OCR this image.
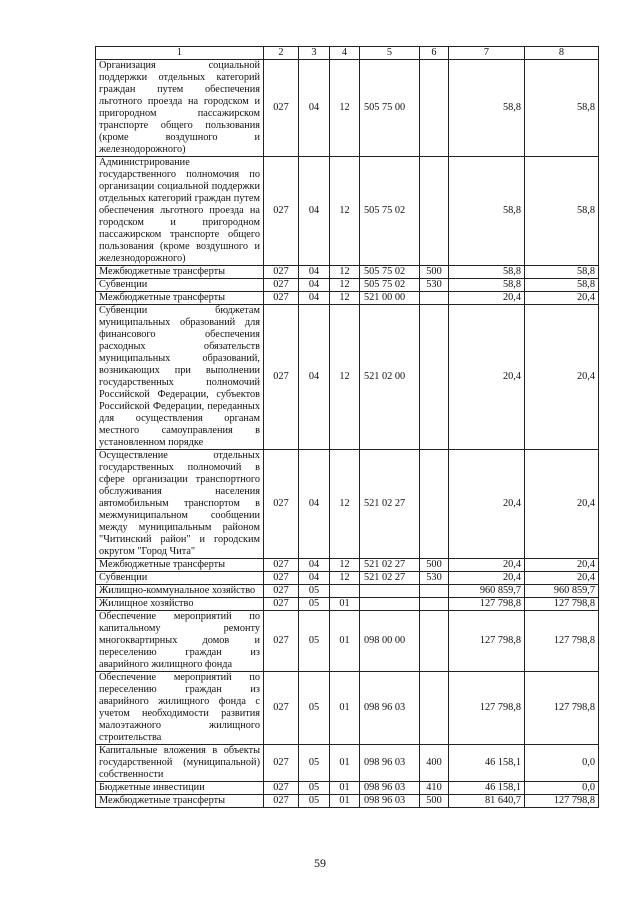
1	2	3	4	5	6	7	8
Организация социальной поддержки отдельных категорий граждан путем обеспечения льготного проезда на городском и пригородном пассажирском транспорте общего пользования (кроме воздушного и железнодорожного)	027	04	12	505 75 00		58,8	58,8
Администрирование государственного полномочия по организации социальной поддержки отдельных категорий граждан путем обеспечения льготного проезда на городском и пригородном пассажирском транспорте общего пользования (кроме воздушного и железнодорожного)	027	04	12	505 75 02		58,8	58,8
Межбюджетные трансферты	027	04	12	505 75 02	500	58,8	58,8
Субвенции	027	04	12	505 75 02	530	58,8	58,8
Межбюджетные трансферты	027	04	12	521 00 00		20,4	20,4
Субвенции бюджетам муниципальных образований для финансового обеспечения расходных обязательств муниципальных образований, возникающих при выполнении государственных полномочий Российской Федерации, субъектов Российской Федерации, переданных для осуществления органам местного самоуправления в установленном порядке	027	04	12	521 02 00		20,4	20,4
Осуществление отдельных государственных полномочий в сфере организации транспортного обслуживания населения автомобильным транспортом в межмуниципальном сообщении между муниципальным районом "Читинский район" и городским округом "Город Чита"	027	04	12	521 02 27		20,4	20,4
Межбюджетные трансферты	027	04	12	521 02 27	500	20,4	20,4
Субвенции	027	04	12	521 02 27	530	20,4	20,4
Жилищно-коммунальное хозяйство	027	05				960 859,7	960 859,7
Жилищное хозяйство	027	05	01			127 798,8	127 798,8
Обеспечение мероприятий по капитальному ремонту многоквартирных домов и переселению граждан из аварийного жилищного фонда	027	05	01	098 00 00		127 798,8	127 798,8
Обеспечение мероприятий по переселению граждан из аварийного жилищного фонда с учетом необходимости развития малоэтажного жилищного строительства	027	05	01	098 96 03		127 798,8	127 798,8
Капитальные вложения в объекты государственной (муниципальной) собственности	027	05	01	098 96 03	400	46 158,1	0,0
Бюджетные инвестиции	027	05	01	098 96 03	410	46 158,1	0,0
Межбюджетные трансферты	027	05	01	098 96 03	500	81 640,7	127 798,8
59
